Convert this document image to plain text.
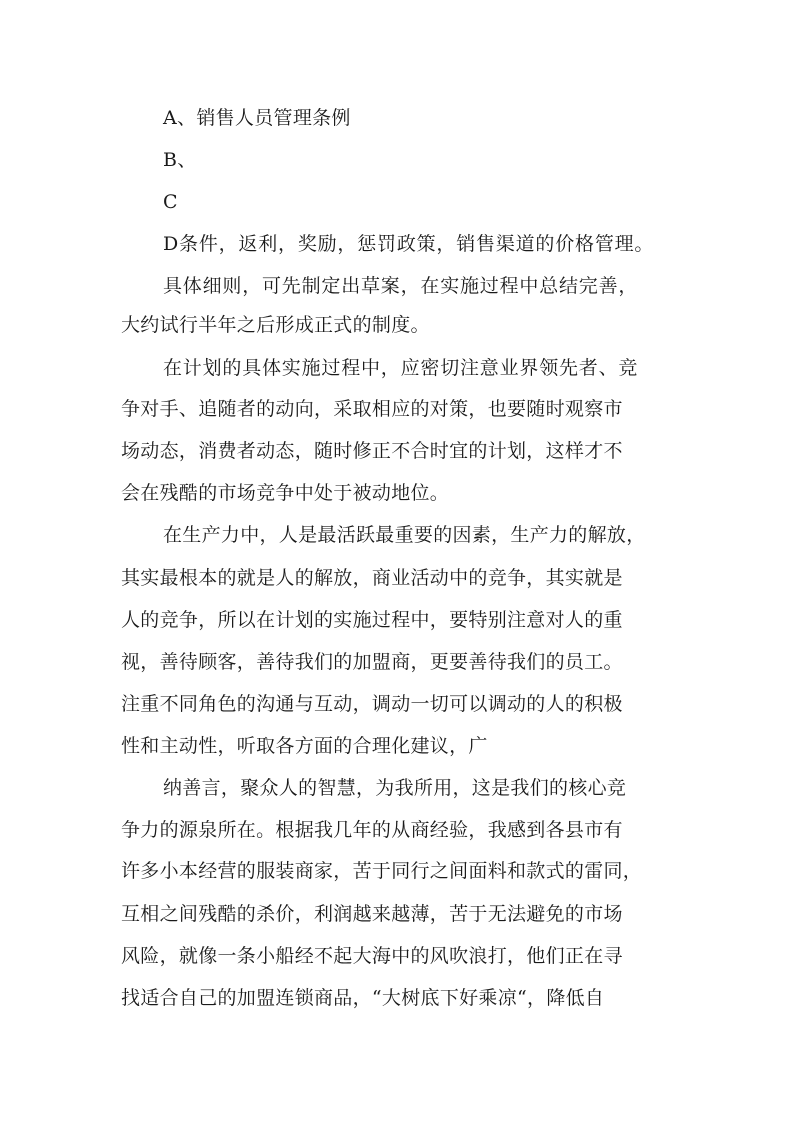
A、销售人员管理条例
B、
C
D条件，返利，奖励，惩罚政策，销售渠道的价格管理。
具体细则，可先制定出草案，在实施过程中总结完善，
大约试行半年之后形成正式的制度。
在计划的具体实施过程中，应密切注意业界领先者、竞
争对手、追随者的动向，采取相应的对策，也要随时观察市
场动态，消费者动态，随时修正不合时宜的计划，这样才不
会在残酷的市场竞争中处于被动地位。
在生产力中，人是最活跃最重要的因素，生产力的解放，
其实最根本的就是人的解放，商业活动中的竞争，其实就是
人的竞争，所以在计划的实施过程中，要特别注意对人的重
视，善待顾客，善待我们的加盟商，更要善待我们的员工。
注重不同角色的沟通与互动，调动一切可以调动的人的积极
性和主动性，听取各方面的合理化建议，广
纳善言，聚众人的智慧，为我所用，这是我们的核心竞
争力的源泉所在。根据我几年的从商经验，我感到各县市有
许多小本经营的服装商家，苦于同行之间面料和款式的雷同，
互相之间残酷的杀价，利润越来越薄，苦于无法避免的市场
风险，就像一条小船经不起大海中的风吹浪打，他们正在寻
找适合自己的加盟连锁商品，“大树底下好乘凉“，降低自
